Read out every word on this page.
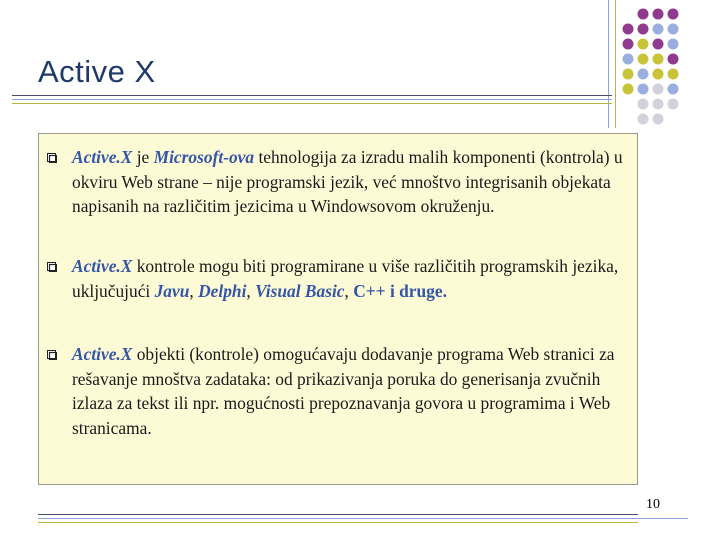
Active X

Active.X je Microsoft-ova tehnologija za izradu malih komponenti (kontrola) u okviru Web strane – nije programski jezik, već mnoštvo integrisanih objekata napisanih na različitim jezicima u Windowsovom okruženju.

Active.X kontrole mogu biti programirane u više različitih programskih jezika, uključujući Javu, Delphi, Visual Basic, C++ i druge.

Active.X objekti (kontrole) omogućavaju dodavanje programa Web stranici za rešavanje mnoštva zadataka: od prikazivanja poruka do generisanja zvučnih izlaza za tekst ili npr. mogućnosti prepoznavanja govora u programima i Web stranicama.

10
